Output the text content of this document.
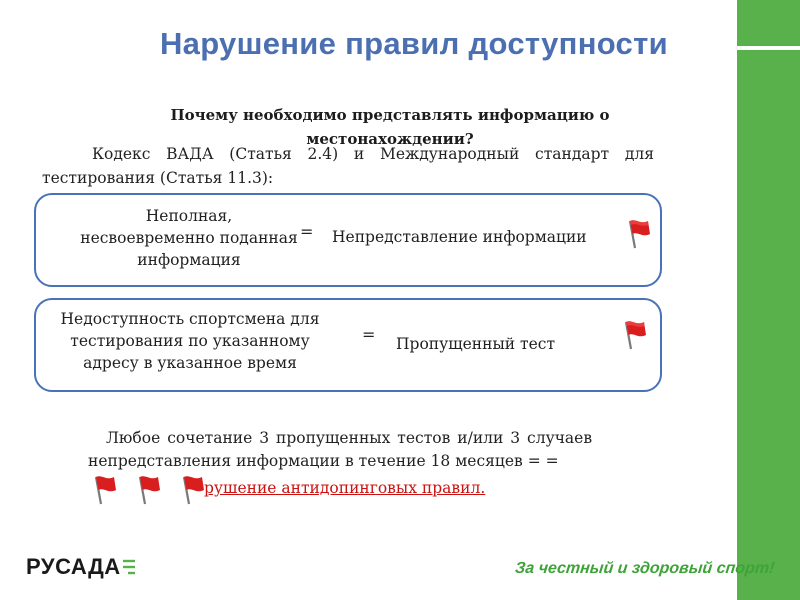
Нарушение правил доступности
Почему необходимо представлять информацию о местонахождении?
Кодекс ВАДА (Статья 2.4) и Международный стандарт для тестирования (Статья 11.3):
Неполная, несвоевременно поданная информация
= Непредставление информации
Недоступность спортсмена для тестирования по указанному адресу в указанное время
= Пропущенный тест
Любое сочетание 3 пропущенных тестов и/или 3 случаев
непредставления информации в течение 18 месяцев = =
рушение антидопинговых правил.
РУСАДА	За честный и здоровый спорт!
